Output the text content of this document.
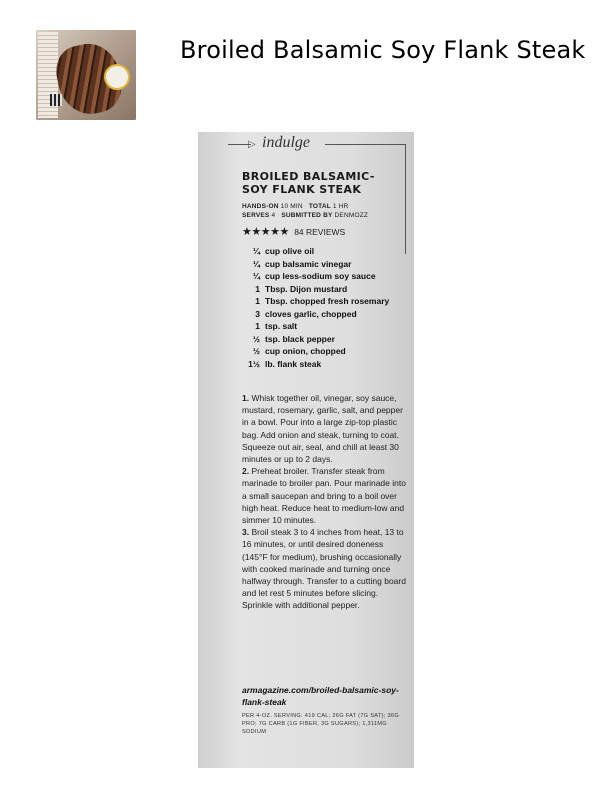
Broiled Balsamic Soy Flank Steak
▷ indulge
BROILED BALSAMIC-
SOY FLANK STEAK
HANDS-ON 10 MIN TOTAL 1 HR
SERVES 4 SUBMITTED BY DENMOZZ
★★★★★ 84 REVIEWS
¼ cup olive oil
¼ cup balsamic vinegar
¼ cup less-sodium soy sauce
1 Tbsp. Dijon mustard
1 Tbsp. chopped fresh rosemary
3 cloves garlic, chopped
1 tsp. salt
½ tsp. black pepper
½ cup onion, chopped
1½ lb. flank steak

1. Whisk together oil, vinegar, soy sauce, mustard, rosemary, garlic, salt, and pepper in a bowl. Pour into a large zip-top plastic bag. Add onion and steak, turning to coat. Squeeze out air, seal, and chill at least 30 minutes or up to 2 days.

2. Preheat broiler. Transfer steak from marinade to broiler pan. Pour marinade into a small saucepan and bring to a boil over high heat. Reduce heat to medium-low and simmer 10 minutes.

3. Broil steak 3 to 4 inches from heat, 13 to 16 minutes, or until desired doneness (145°F for medium), brushing occasionally with cooked marinade and turning once halfway through. Transfer to a cutting board and let rest 5 minutes before slicing. Sprinkle with additional pepper.

armagazine.com/broiled-balsamic-soy-flank-steak
PER 4-OZ. SERVING: 419 CAL; 26G FAT (7G SAT); 36G PRO; 7G CARB (1G FIBER, 3G SUGARS); 1,311MG SODIUM
